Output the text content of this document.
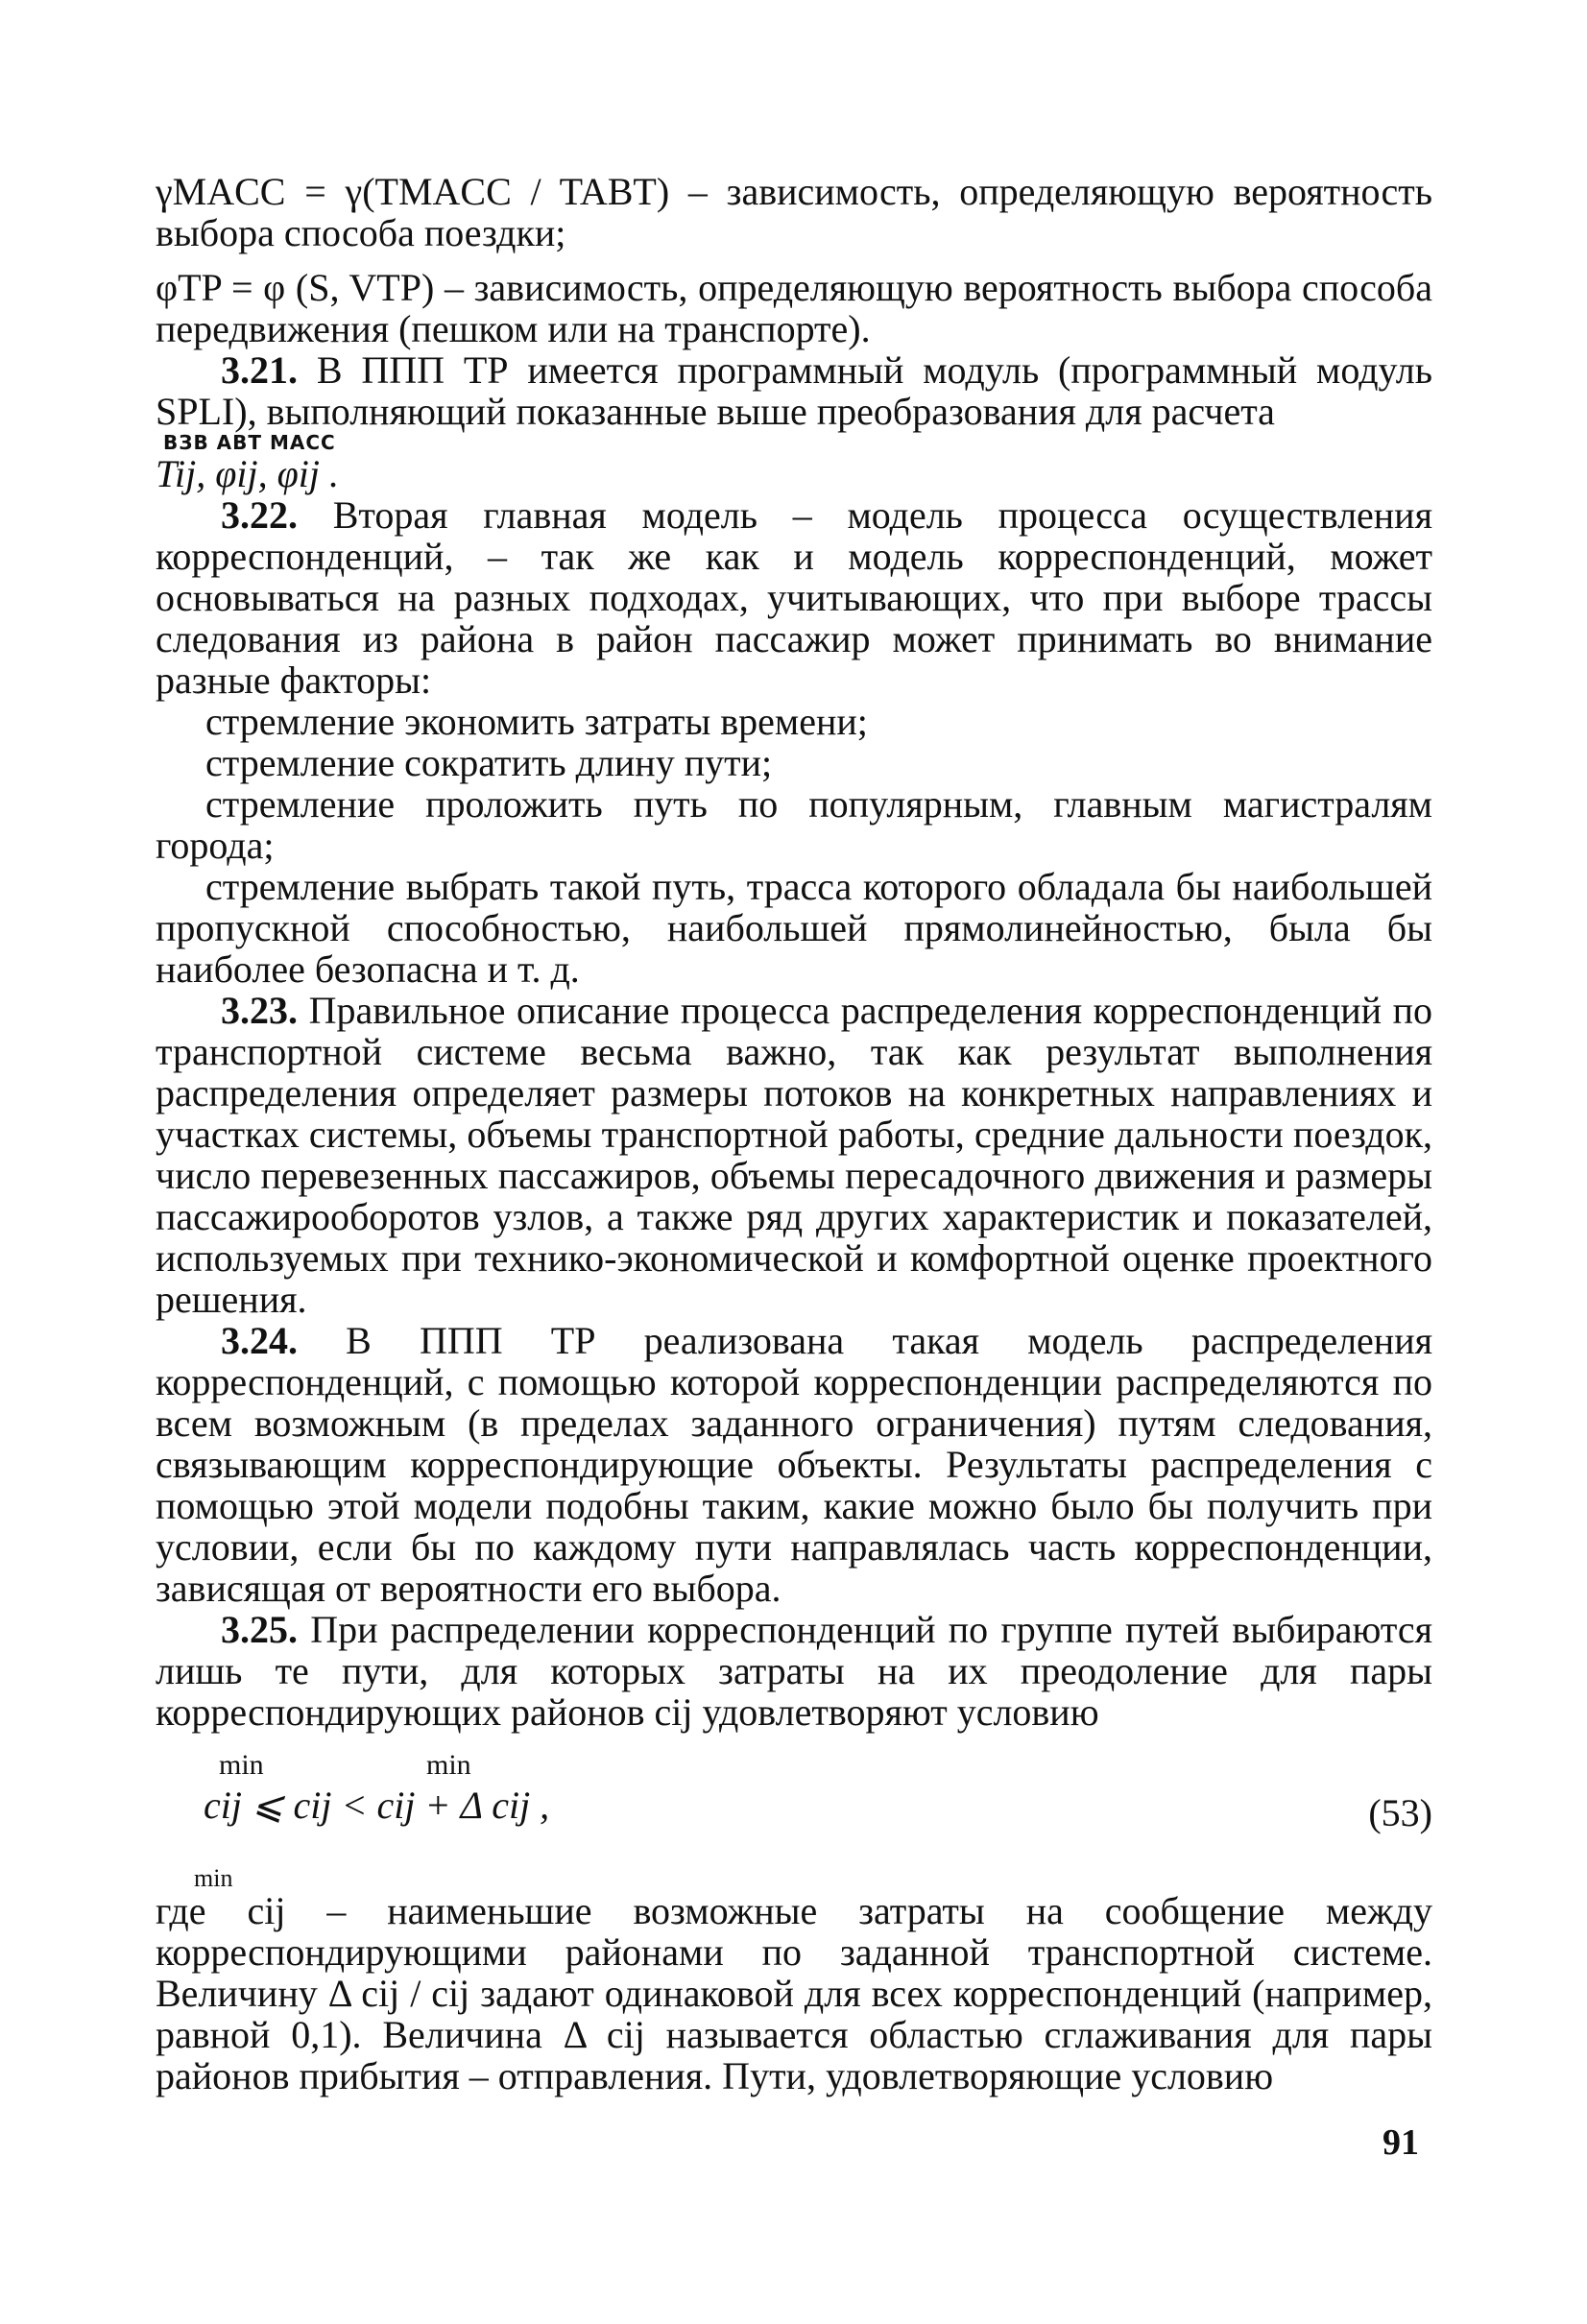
γMACC = γ(TMACC / TABT) – зависимость, определяющую вероятность выбора способа поездки;

φTP = φ (S, VTP) – зависимость, определяющую вероятность выбора способа передвижения (пешком или на транспорте).

3.21. В ППП ТР имеется программный модуль (программный модуль SPLI), выполняющий показанные выше преобразования для расчета

ВЗВ АВТ МАСС
Tij, φij, φij .

3.22. Вторая главная модель – модель процесса осуществления корреспонденций, – так же как и модель корреспонденций, может основываться на разных подходах, учитывающих, что при выборе трассы следования из района в район пассажир может принимать во внимание разные факторы:

стремление экономить затраты времени;

стремление сократить длину пути;

стремление проложить путь по популярным, главным магистралям города;

стремление выбрать такой путь, трасса которого обладала бы наибольшей пропускной способностью, наибольшей прямолинейностью, была бы наиболее безопасна и т. д.

3.23. Правильное описание процесса распределения корреспонденций по транспортной системе весьма важно, так как результат выполнения распределения определяет размеры потоков на конкретных направлениях и участках системы, объемы транспортной работы, средние дальности поездок, число перевезенных пассажиров, объемы пересадочного движения и размеры пассажирооборотов узлов, а также ряд других характеристик и показателей, используемых при технико-экономической и комфортной оценке проектного решения.

3.24. В ППП ТР реализована такая модель распределения корреспонденций, с помощью которой корреспонденции распределяются по всем возможным (в пределах заданного ограничения) путям следования, связывающим корреспондирующие объекты. Результаты распределения с помощью этой модели подобны таким, какие можно было бы получить при условии, если бы по каждому пути направлялась часть корреспонденции, зависящая от вероятности его выбора.

3.25. При распределении корреспонденций по группе путей выбираются лишь те пути, для которых затраты на их преодоление для пары корреспондирующих районов cij удовлетворяют условию

min	min
cij ⩽ cij < cij + Δ cij ,	(53)
min

где cij – наименьшие возможные затраты на сообщение между корреспондирующими районами по заданной транспортной системе. Величину Δ cij / cij задают одинаковой для всех корреспонденций (например, равной 0,1). Величина Δ cij называется областью сглаживания для пары районов прибытия – отправления. Пути, удовлетворяющие условию

91
